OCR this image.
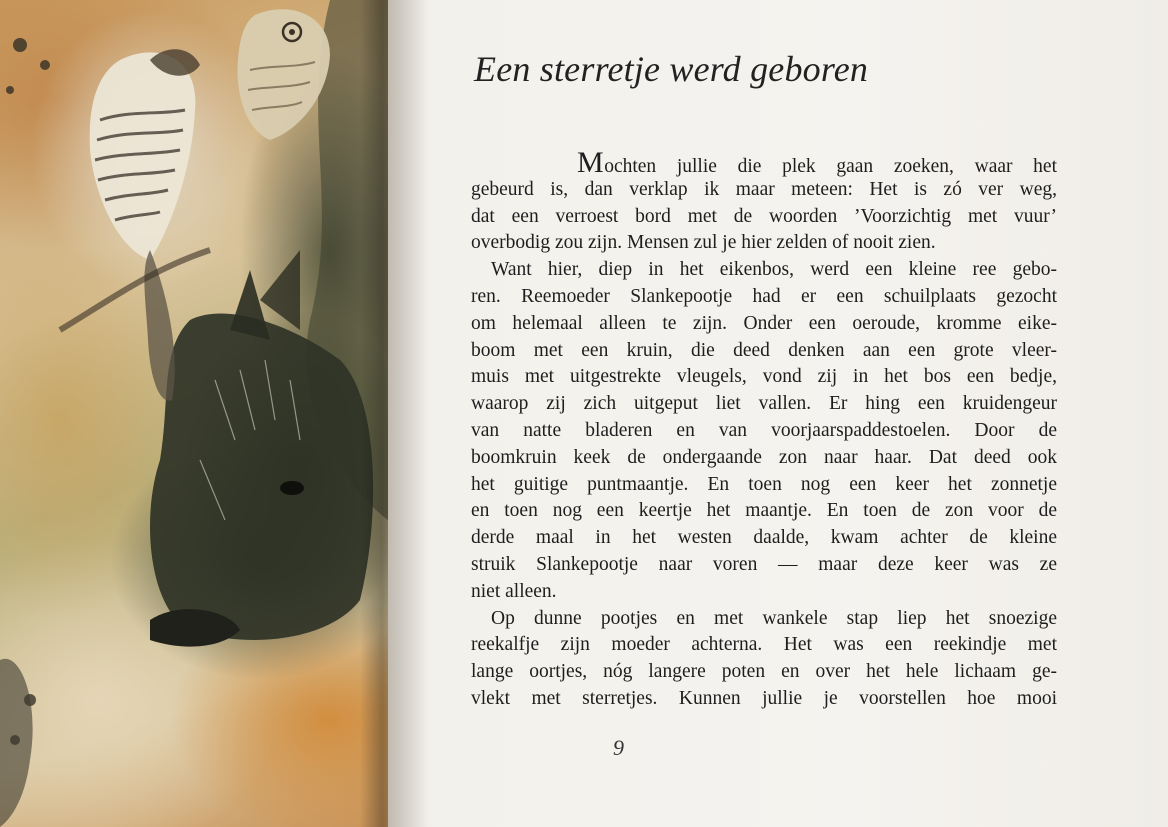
Een sterretje werd geboren
Mochten jullie die plek gaan zoeken, waar het
gebeurd is, dan verklap ik maar meteen: Het is zó ver weg,
dat een verroest bord met de woorden ’Voorzichtig met vuur’
overbodig zou zijn. Mensen zul je hier zelden of nooit zien.
Want hier, diep in het eikenbos, werd een kleine ree gebo-
ren. Reemoeder Slankepootje had er een schuilplaats gezocht
om helemaal alleen te zijn. Onder een oeroude, kromme eike-
boom met een kruin, die deed denken aan een grote vleer-
muis met uitgestrekte vleugels, vond zij in het bos een bedje,
waarop zij zich uitgeput liet vallen. Er hing een kruidengeur
van natte bladeren en van voorjaarspaddestoelen. Door de
boomkruin keek de ondergaande zon naar haar. Dat deed ook
het guitige puntmaantje. En toen nog een keer het zonnetje
en toen nog een keertje het maantje. En toen de zon voor de
derde maal in het westen daalde, kwam achter de kleine
struik Slankepootje naar voren — maar deze keer was ze
niet alleen.
Op dunne pootjes en met wankele stap liep het snoezige
reekalfje zijn moeder achterna. Het was een reekindje met
lange oortjes, nóg langere poten en over het hele lichaam ge-
vlekt met sterretjes. Kunnen jullie je voorstellen hoe mooi

9
